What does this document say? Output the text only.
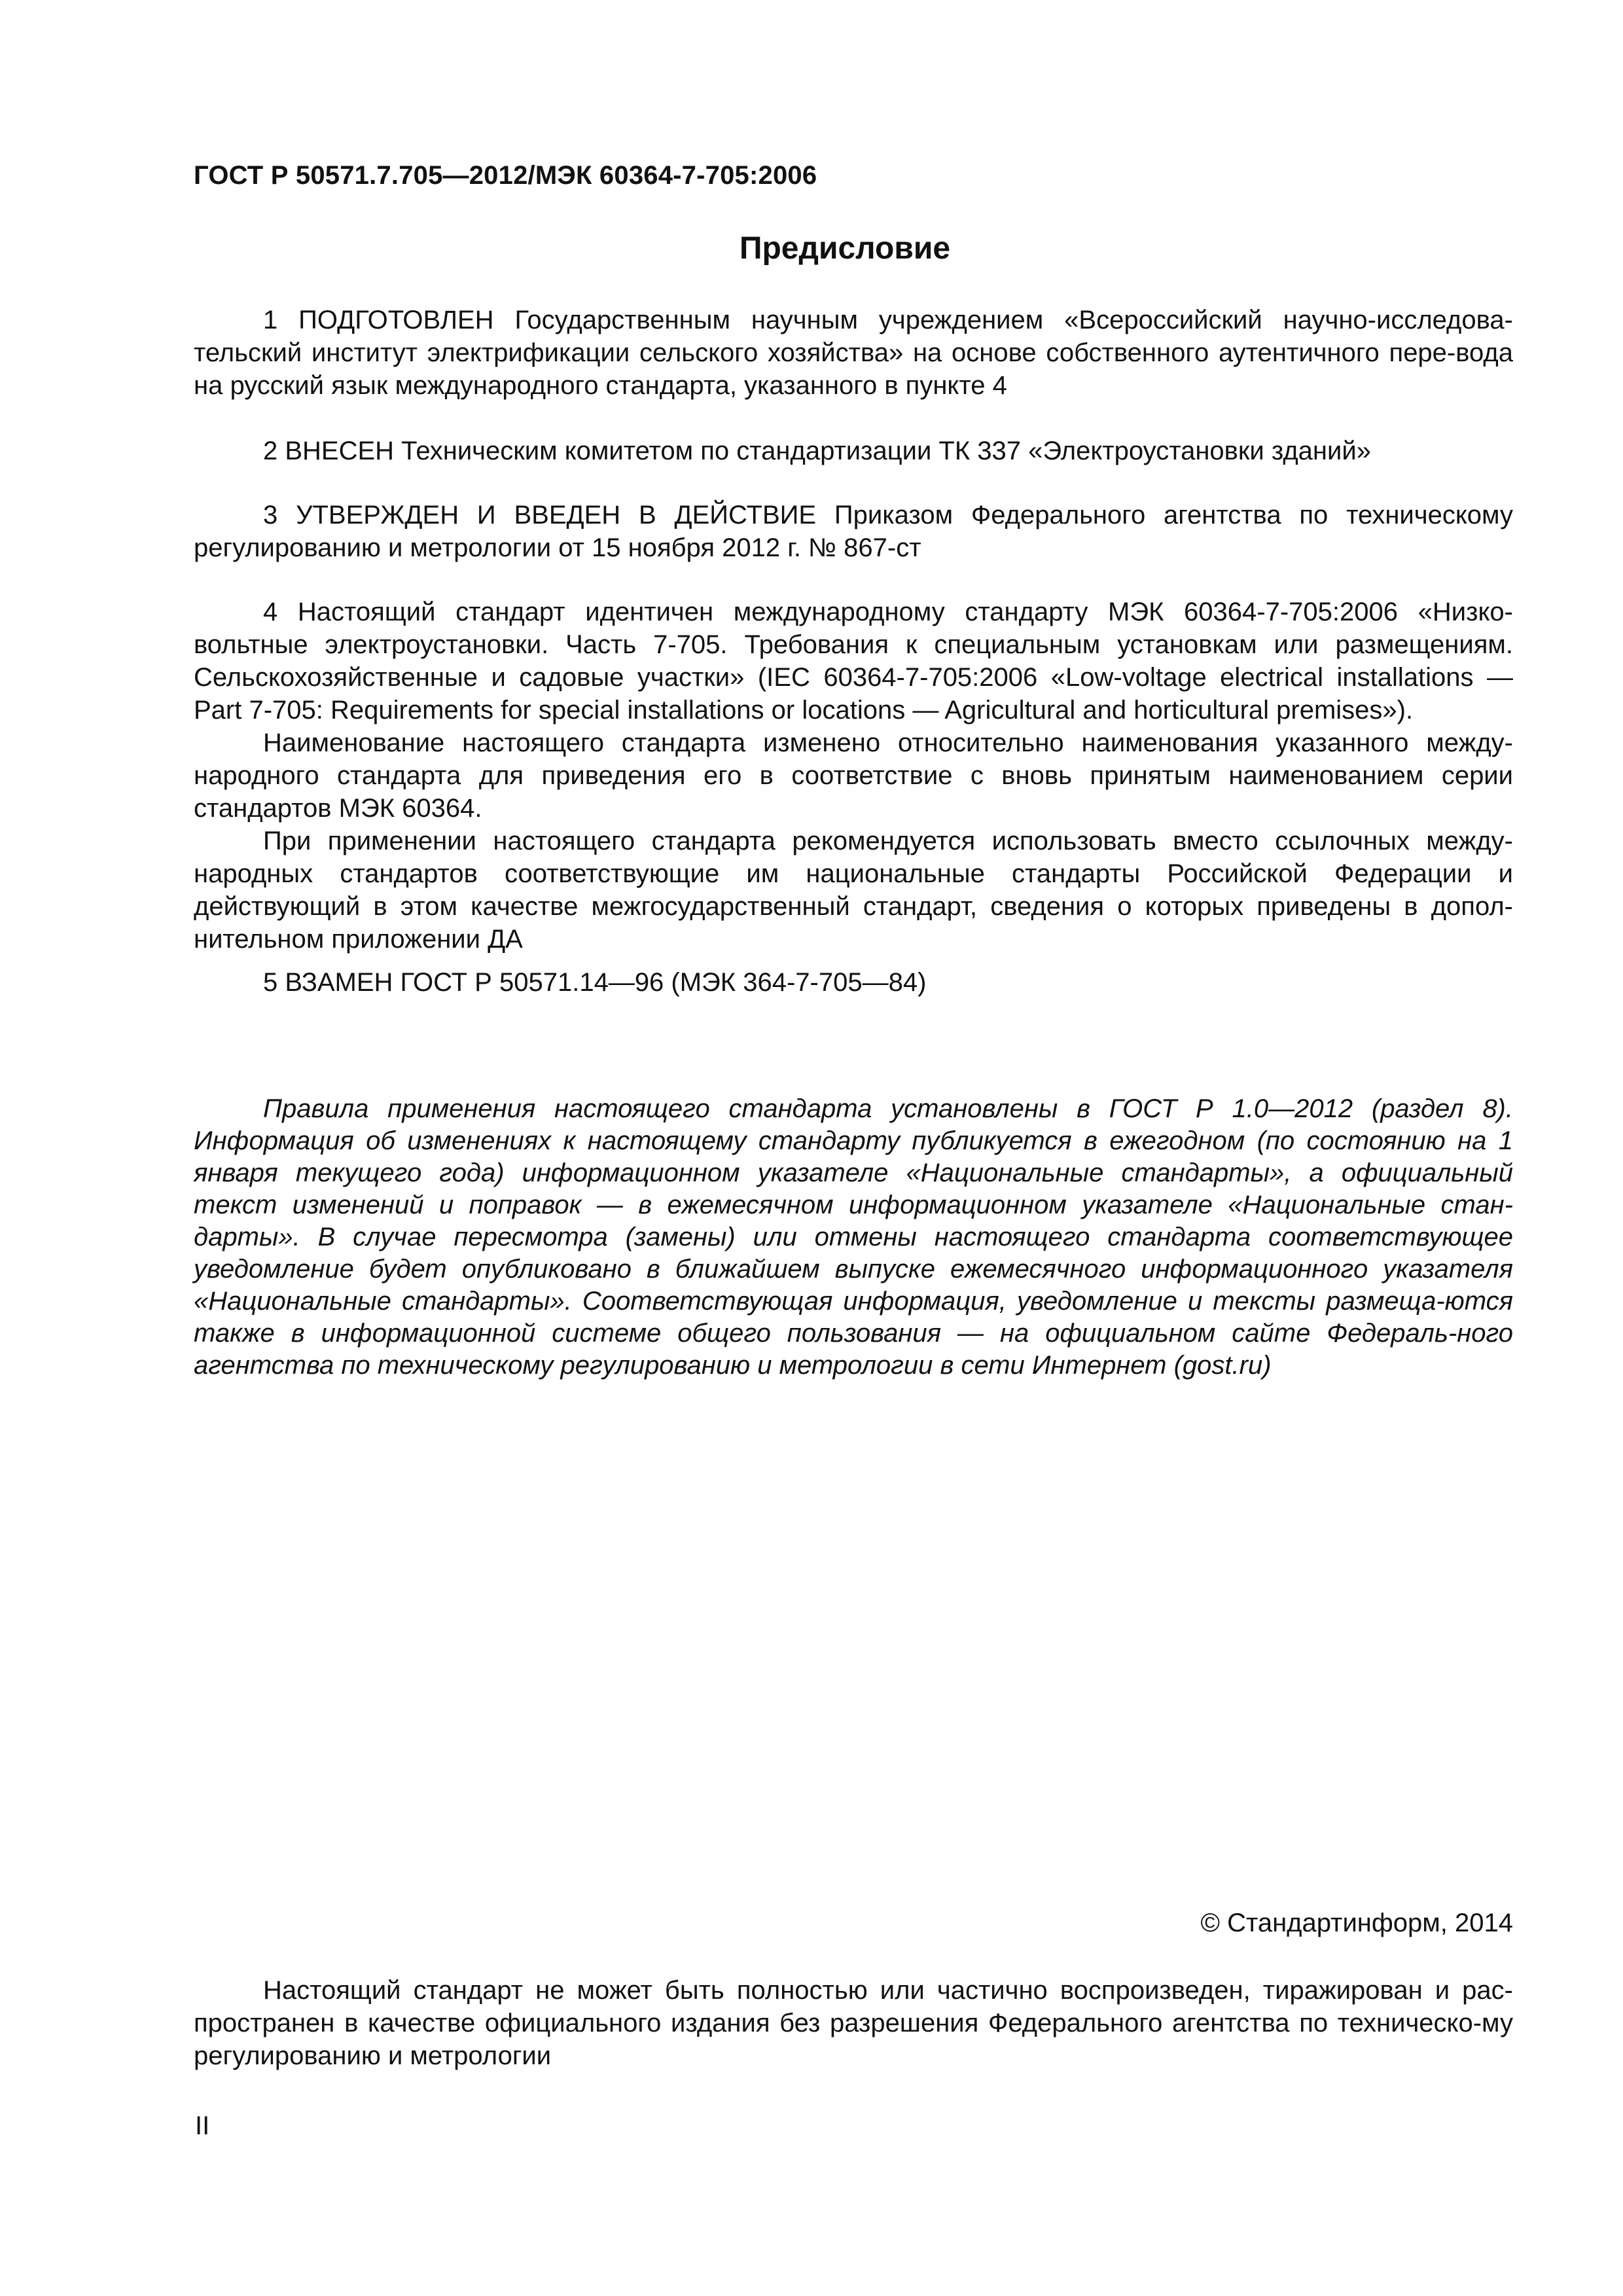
ГОСТ Р 50571.7.705—2012/МЭК 60364-7-705:2006
Предисловие

1 ПОДГОТОВЛЕН Государственным научным учреждением «Всероссийский научно-исследова-тельский институт электрификации сельского хозяйства» на основе собственного аутентичного пере-вода на русский язык международного стандарта, указанного в пункте 4

2 ВНЕСЕН Техническим комитетом по стандартизации ТК 337 «Электроустановки зданий»

3 УТВЕРЖДЕН И ВВЕДЕН В ДЕЙСТВИЕ Приказом Федерального агентства по техническому регулированию и метрологии от 15 ноября 2012 г. № 867-ст

4 Настоящий стандарт идентичен международному стандарту МЭК 60364-7-705:2006 «Низко-вольтные электроустановки. Часть 7-705. Требования к специальным установкам или размещениям. Сельскохозяйственные и садовые участки» (IEC 60364-7-705:2006 «Low-voltage electrical installations — Part 7-705: Requirements for special installations or locations — Agricultural and horticultural premises»).

Наименование настоящего стандарта изменено относительно наименования указанного между-народного стандарта для приведения его в соответствие с вновь принятым наименованием серии стандартов МЭК 60364.

При применении настоящего стандарта рекомендуется использовать вместо ссылочных между-народных стандартов соответствующие им национальные стандарты Российской Федерации и действующий в этом качестве межгосударственный стандарт, сведения о которых приведены в допол-нительном приложении ДА

5 ВЗАМЕН ГОСТ Р 50571.14—96 (МЭК 364-7-705—84)

Правила применения настоящего стандарта установлены в ГОСТ Р 1.0—2012 (раздел 8). Информация об изменениях к настоящему стандарту публикуется в ежегодном (по состоянию на 1 января текущего года) информационном указателе «Национальные стандарты», а официальный текст изменений и поправок — в ежемесячном информационном указателе «Национальные стан-дарты». В случае пересмотра (замены) или отмены настоящего стандарта соответствующее уведомление будет опубликовано в ближайшем выпуске ежемесячного информационного указателя «Национальные стандарты». Соответствующая информация, уведомление и тексты размеща-ются также в информационной системе общего пользования — на официальном сайте Федераль-ного агентства по техническому регулированию и метрологии в сети Интернет (gost.ru)

© Стандартинформ, 2014

Настоящий стандарт не может быть полностью или частично воспроизведен, тиражирован и рас-пространен в качестве официального издания без разрешения Федерального агентства по техническо-му регулированию и метрологии

II
